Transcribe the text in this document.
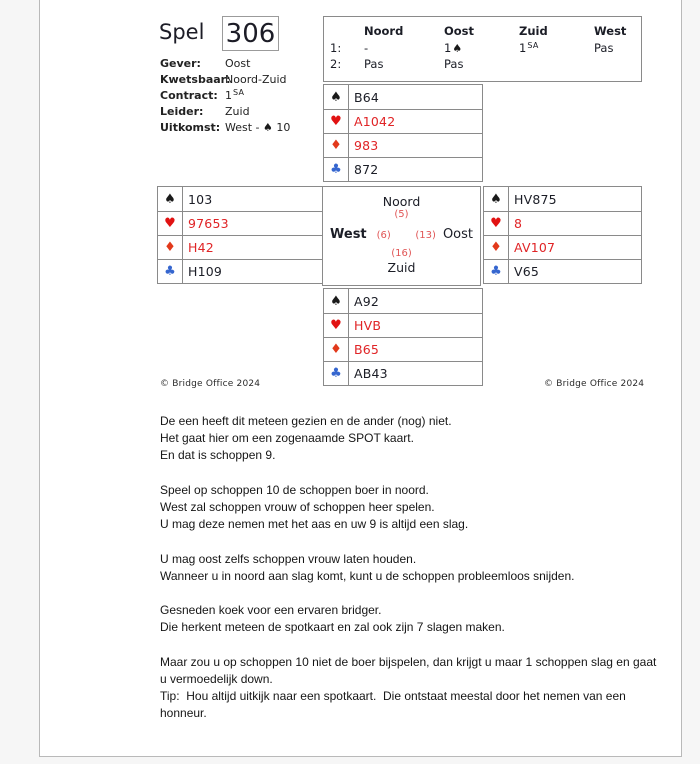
Spel 306
Gever:	Oost
Kwetsbaar:
Noord-Zuid
Contract: $1^{SA}$
Leider:	Zuid
Uitkomst: West - ♠ 10
Noord	Oost	Zuid	West
1:	-	1♠	$1^{SA}$	Pas
2:	Pas	Pas
♠ B64
♥ A1042
♦ 983
♣ 872
♠ 103
♥ 97653
♦ H42
♣ H109
♠ HV875
♥ 8
♦ AV107
♣ V65
♠ A92
♥ HVB
♦ B65
♣ AB43
Noord
(5)
West (6) (13) Oost
(16)
Zuid
© Bridge Office 2024	© Bridge Office 2024
De een heeft dit meteen gezien en de ander (nog) niet.
Het gaat hier om een zogenaamde SPOT kaart.
En dat is schoppen 9.
Speel op schoppen 10 de schoppen boer in noord.
West zal schoppen vrouw of schoppen heer spelen.
U mag deze nemen met het aas en uw 9 is altijd een slag.
U mag oost zelfs schoppen vrouw laten houden.
Wanneer u in noord aan slag komt, kunt u de schoppen probleemloos snijden.
Gesneden koek voor een ervaren bridger.
Die herkent meteen de spotkaart en zal ook zijn 7 slagen maken.
Maar zou u op schoppen 10 niet de boer bijspelen, dan krijgt u maar 1 schoppen slag en gaat
u vermoedelijk down.
Tip:  Hou altijd uitkijk naar een spotkaart.  Die ontstaat meestal door het nemen van een
honneur.
